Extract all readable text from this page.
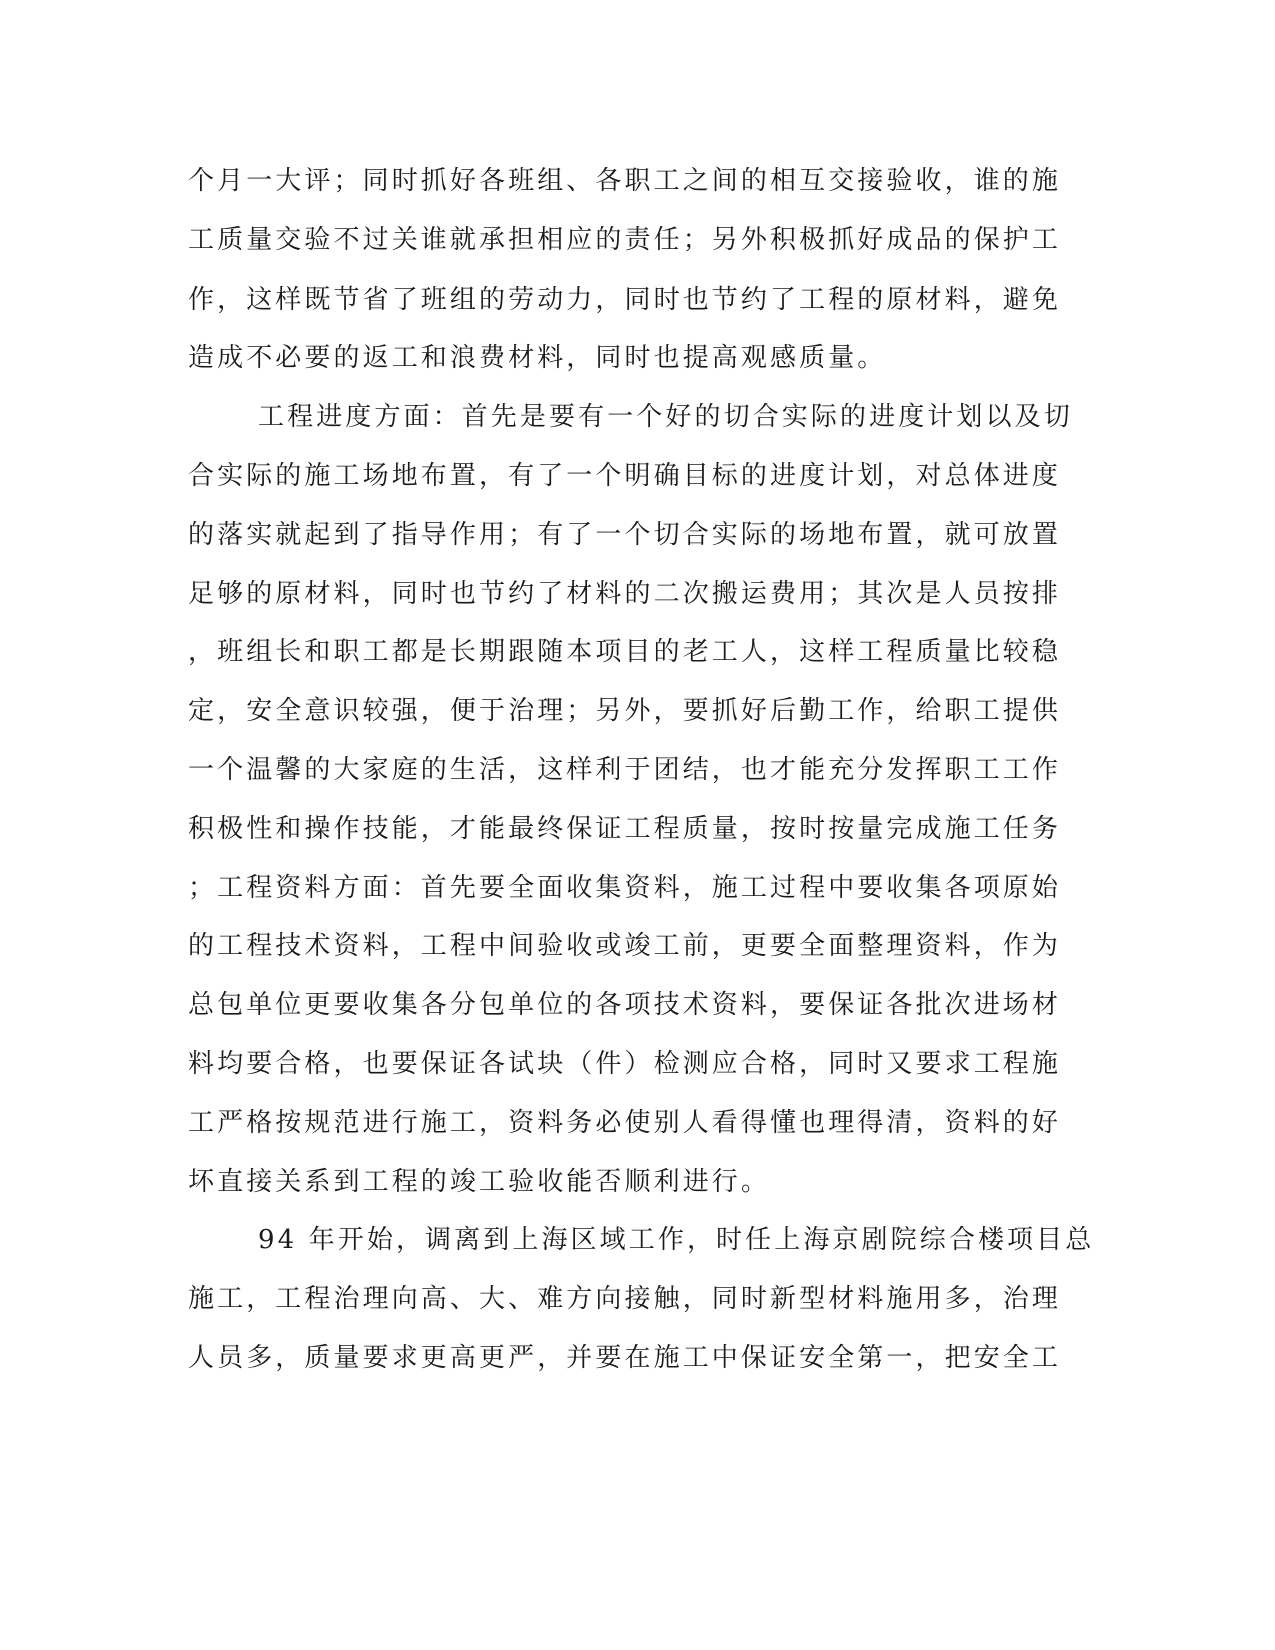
个月一大评；同时抓好各班组、各职工之间的相互交接验收，谁的施

工质量交验不过关谁就承担相应的责任；另外积极抓好成品的保护工

作，这样既节省了班组的劳动力，同时也节约了工程的原材料，避免

造成不必要的返工和浪费材料，同时也提高观感质量。

工程进度方面：首先是要有一个好的切合实际的进度计划以及切

合实际的施工场地布置，有了一个明确目标的进度计划，对总体进度

的落实就起到了指导作用；有了一个切合实际的场地布置，就可放置

足够的原材料，同时也节约了材料的二次搬运费用；其次是人员按排

，班组长和职工都是长期跟随本项目的老工人，这样工程质量比较稳

定，安全意识较强，便于治理；另外，要抓好后勤工作，给职工提供

一个温馨的大家庭的生活，这样利于团结，也才能充分发挥职工工作

积极性和操作技能，才能最终保证工程质量，按时按量完成施工任务

；工程资料方面：首先要全面收集资料，施工过程中要收集各项原始

的工程技术资料，工程中间验收或竣工前，更要全面整理资料，作为

总包单位更要收集各分包单位的各项技术资料，要保证各批次进场材

料均要合格，也要保证各试块（件）检测应合格，同时又要求工程施

工严格按规范进行施工，资料务必使别人看得懂也理得清，资料的好

坏直接关系到工程的竣工验收能否顺利进行。

94 年开始，调离到上海区域工作，时任上海京剧院综合楼项目总

施工，工程治理向高、大、难方向接触，同时新型材料施用多，治理

人员多，质量要求更高更严，并要在施工中保证安全第一，把安全工
